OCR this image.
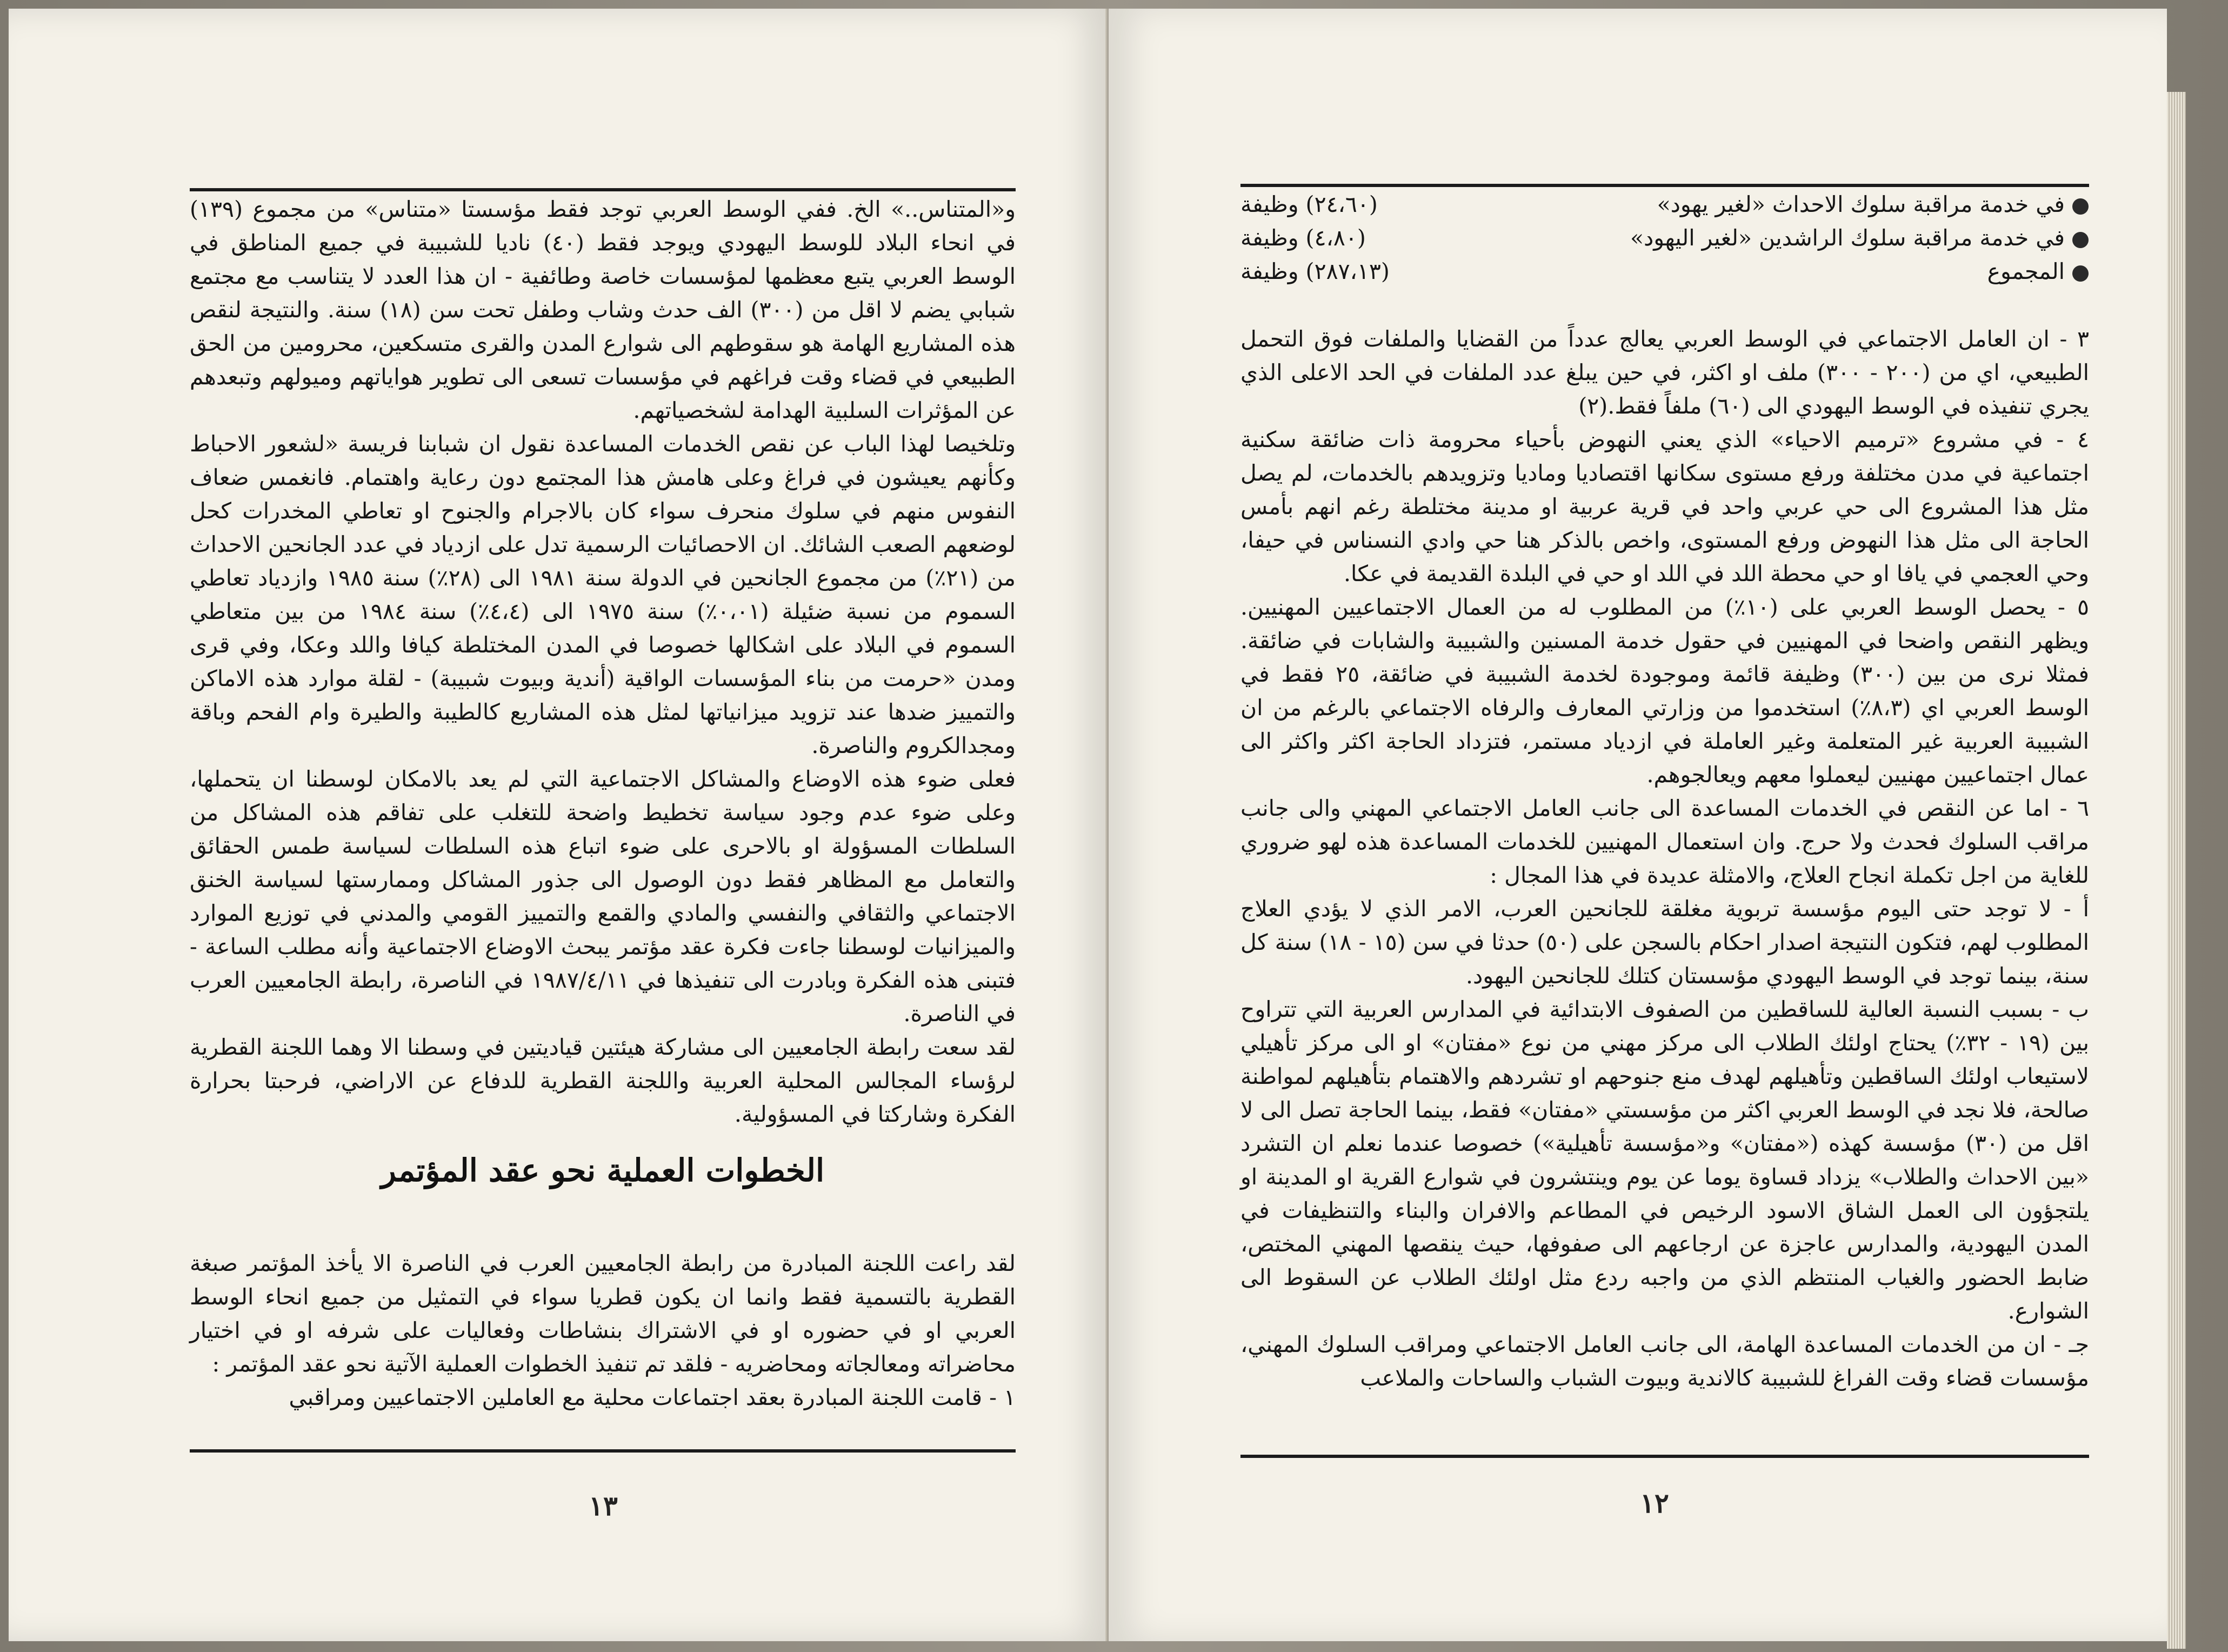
و«المتناس..» الخ. ففي الوسط العربي توجد فقط مؤسستا «متناس» من مجموع (١٣٩) في انحاء البلاد للوسط اليهودي ويوجد فقط (٤٠) ناديا للشبيبة في جميع المناطق في الوسط العربي يتبع معظمها لمؤسسات خاصة وطائفية - ان هذا العدد لا يتناسب مع مجتمع شبابي يضم لا اقل من (٣٠٠) الف حدث وشاب وطفل تحت سن (١٨) سنة. والنتيجة لنقص هذه المشاريع الهامة هو سقوطهم الى شوارع المدن والقرى متسكعين، محرومين من الحق الطبيعي في قضاء وقت فراغهم في مؤسسات تسعى الى تطوير هواياتهم وميولهم وتبعدهم عن المؤثرات السلبية الهدامة لشخصياتهم.

وتلخيصا لهذا الباب عن نقص الخدمات المساعدة نقول ان شبابنا فريسة «لشعور الاحباط وكأنهم يعيشون في فراغ وعلى هامش هذا المجتمع دون رعاية واهتمام. فانغمس ضعاف النفوس منهم في سلوك منحرف سواء كان بالاجرام والجنوح او تعاطي المخدرات كحل لوضعهم الصعب الشائك. ان الاحصائيات الرسمية تدل على ازدياد في عدد الجانحين الاحداث من (٢١٪) من مجموع الجانحين في الدولة سنة ١٩٨١ الى (٢٨٪) سنة ١٩٨٥ وازدياد تعاطي السموم من نسبة ضئيلة (٠،٠١٪) سنة ١٩٧٥ الى (٤،٤٪) سنة ١٩٨٤ من بين متعاطي السموم في البلاد على اشكالها خصوصا في المدن المختلطة كيافا واللد وعكا، وفي قرى ومدن «حرمت من بناء المؤسسات الواقية (أندية وبيوت شبيبة) - لقلة موارد هذه الاماكن والتمييز ضدها عند تزويد ميزانياتها لمثل هذه المشاريع كالطيبة والطيرة وام الفحم وباقة ومجدالكروم والناصرة.

فعلى ضوء هذه الاوضاع والمشاكل الاجتماعية التي لم يعد بالامكان لوسطنا ان يتحملها، وعلى ضوء عدم وجود سياسة تخطيط واضحة للتغلب على تفاقم هذه المشاكل من السلطات المسؤولة او بالاحرى على ضوء اتباع هذه السلطات لسياسة طمس الحقائق والتعامل مع المظاهر فقط دون الوصول الى جذور المشاكل وممارستها لسياسة الخنق الاجتماعي والثقافي والنفسي والمادي والقمع والتمييز القومي والمدني في توزيع الموارد والميزانيات لوسطنا جاءت فكرة عقد مؤتمر يبحث الاوضاع الاجتماعية وأنه مطلب الساعة - فتبنى هذه الفكرة وبادرت الى تنفيذها في ١٩٨٧/٤/١١ في الناصرة، رابطة الجامعيين العرب في الناصرة.

لقد سعت رابطة الجامعيين الى مشاركة هيئتين قياديتين في وسطنا الا وهما اللجنة القطرية لرؤساء المجالس المحلية العربية واللجنة القطرية للدفاع عن الاراضي، فرحبتا بحرارة الفكرة وشاركتا في المسؤولية.

الخطوات العملية نحو عقد المؤتمر

لقد راعت اللجنة المبادرة من رابطة الجامعيين العرب في الناصرة الا يأخذ المؤتمر صبغة القطرية بالتسمية فقط وانما ان يكون قطريا سواء في التمثيل من جميع انحاء الوسط العربي او في حضوره او في الاشتراك بنشاطات وفعاليات على شرفه او في اختيار محاضراته ومعالجاته ومحاضريه - فلقد تم تنفيذ الخطوات العملية الآتية نحو عقد المؤتمر :

١ - قامت اللجنة المبادرة بعقد اجتماعات محلية مع العاملين الاجتماعيين ومراقبي

١٣
في خدمة مراقبة سلوك الاحداث «لغير يهود»
(٢٤،٦٠) وظيفة
في خدمة مراقبة سلوك الراشدين «لغير اليهود»
(٤،٨٠) وظيفة
المجموع
(٢٨٧،١٣) وظيفة

٣ - ان العامل الاجتماعي في الوسط العربي يعالج عدداً من القضايا والملفات فوق التحمل الطبيعي، اي من (٢٠٠ - ٣٠٠) ملف او اكثر، في حين يبلغ عدد الملفات في الحد الاعلى الذي يجري تنفيذه في الوسط اليهودي الى (٦٠) ملفاً فقط.(٢)

٤ - في مشروع «ترميم الاحياء» الذي يعني النهوض بأحياء محرومة ذات ضائقة سكنية اجتماعية في مدن مختلفة ورفع مستوى سكانها اقتصاديا وماديا وتزويدهم بالخدمات، لم يصل مثل هذا المشروع الى حي عربي واحد في قرية عربية او مدينة مختلطة رغم انهم بأمس الحاجة الى مثل هذا النهوض ورفع المستوى، واخص بالذكر هنا حي وادي النسناس في حيفا، وحي العجمي في يافا او حي محطة اللد في اللد او حي في البلدة القديمة في عكا.

٥ - يحصل الوسط العربي على (١٠٪) من المطلوب له من العمال الاجتماعيين المهنيين. ويظهر النقص واضحا في المهنيين في حقول خدمة المسنين والشبيبة والشابات في ضائقة. فمثلا نرى من بين (٣٠٠) وظيفة قائمة وموجودة لخدمة الشبيبة في ضائقة، ٢٥ فقط في الوسط العربي اي (٨،٣٪) استخدموا من وزارتي المعارف والرفاه الاجتماعي بالرغم من ان الشبيبة العربية غير المتعلمة وغير العاملة في ازدياد مستمر، فتزداد الحاجة اكثر واكثر الى عمال اجتماعيين مهنيين ليعملوا معهم ويعالجوهم.

٦ - اما عن النقص في الخدمات المساعدة الى جانب العامل الاجتماعي المهني والى جانب مراقب السلوك فحدث ولا حرج. وان استعمال المهنيين للخدمات المساعدة هذه لهو ضروري للغاية من اجل تكملة انجاح العلاج، والامثلة عديدة في هذا المجال :

أ - لا توجد حتى اليوم مؤسسة تربوية مغلقة للجانحين العرب، الامر الذي لا يؤدي العلاج المطلوب لهم، فتكون النتيجة اصدار احكام بالسجن على (٥٠) حدثا في سن (١٥ - ١٨) سنة كل سنة، بينما توجد في الوسط اليهودي مؤسستان كتلك للجانحين اليهود.

ب - بسبب النسبة العالية للساقطين من الصفوف الابتدائية في المدارس العربية التي تتراوح بين (١٩ - ٣٢٪) يحتاج اولئك الطلاب الى مركز مهني من نوع «مفتان» او الى مركز تأهيلي لاستيعاب اولئك الساقطين وتأهيلهم لهدف منع جنوحهم او تشردهم والاهتمام بتأهيلهم لمواطنة صالحة، فلا نجد في الوسط العربي اكثر من مؤسستي «مفتان» فقط، بينما الحاجة تصل الى لا اقل من (٣٠) مؤسسة كهذه («مفتان» و«مؤسسة تأهيلية») خصوصا عندما نعلم ان التشرد «بين الاحداث والطلاب» يزداد قساوة يوما عن يوم وينتشرون في شوارع القرية او المدينة او يلتجؤون الى العمل الشاق الاسود الرخيص في المطاعم والافران والبناء والتنظيفات في المدن اليهودية، والمدارس عاجزة عن ارجاعهم الى صفوفها، حيث ينقصها المهني المختص، ضابط الحضور والغياب المنتظم الذي من واجبه ردع مثل اولئك الطلاب عن السقوط الى الشوارع.

جـ - ان من الخدمات المساعدة الهامة، الى جانب العامل الاجتماعي ومراقب السلوك المهني، مؤسسات قضاء وقت الفراغ للشبيبة كالاندية وبيوت الشباب والساحات والملاعب

١٢
